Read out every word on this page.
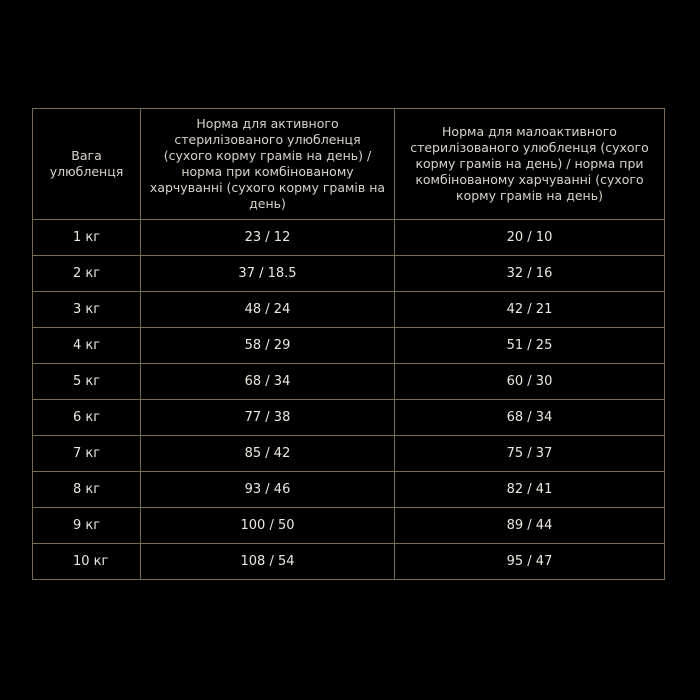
Вага улюбленця	Норма для активного стерилізованого улюбленця (сухого корму грамів на день) / норма при комбінованому харчуванні (сухого корму грамів на день)	Норма для малоактивного стерилізованого улюбленця (сухого корму грамів на день) / норма при комбінованому харчуванні (сухого корму грамів на день)

1 кг	23 / 12	20 / 10
2 кг	37 / 18.5	32 / 16
3 кг	48 / 24	42 / 21
4 кг	58 / 29	51 / 25
5 кг	68 / 34	60 / 30
6 кг	77 / 38	68 / 34
7 кг	85 / 42	75 / 37
8 кг	93 / 46	82 / 41
9 кг	100 / 50	89 / 44
10 кг	108 / 54	95 / 47
